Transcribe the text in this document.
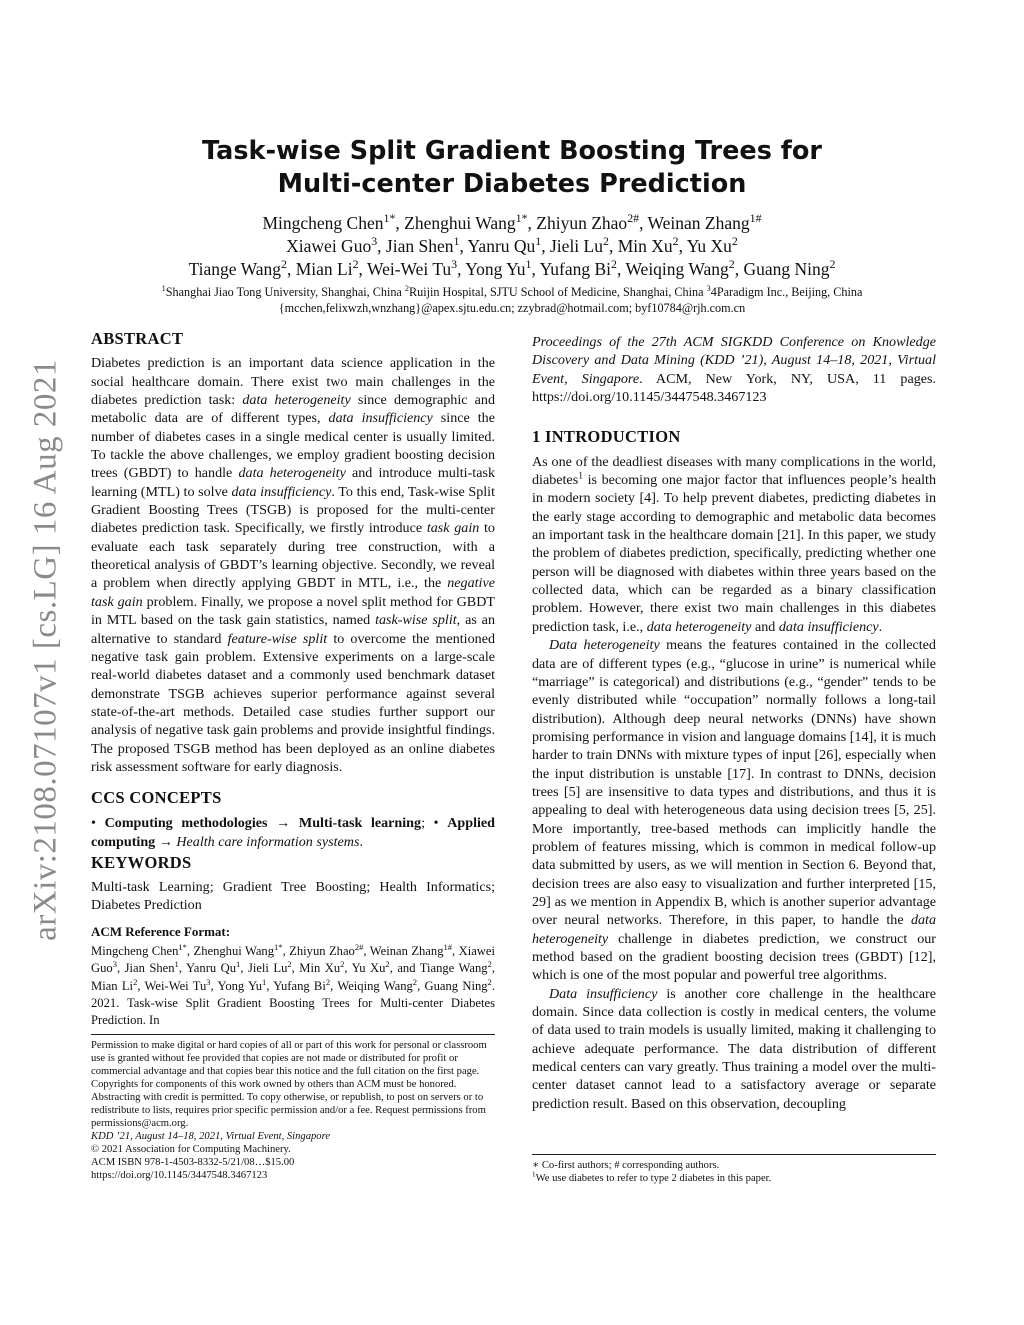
arXiv:2108.07107v1 [cs.LG] 16 Aug 2021
Task-wise Split Gradient Boosting Trees for
Multi-center Diabetes Prediction
Mingcheng Chen$^{1*}$, Zhenghui Wang$^{1*}$, Zhiyun Zhao$^{2\#}$, Weinan Zhang$^{1\#}$
Xiawei Guo$^3$, Jian Shen$^1$, Yanru Qu$^1$, Jieli Lu$^2$, Min Xu$^2$, Yu Xu$^2$
Tiange Wang$^2$, Mian Li$^2$, Wei-Wei Tu$^3$, Yong Yu$^1$, Yufang Bi$^2$, Weiqing Wang$^2$, Guang Ning$^2$
$^1$Shanghai Jiao Tong University, Shanghai, China $^2$Ruijin Hospital, SJTU School of Medicine, Shanghai, China $^3$4Paradigm Inc., Beijing, China
{mcchen,felixwzh,wnzhang}@apex.sjtu.edu.cn; zzybrad@hotmail.com; byf10784@rjh.com.cn
ABSTRACT

Diabetes prediction is an important data science application in the social healthcare domain. There exist two main challenges in the diabetes prediction task: data heterogeneity since demographic and metabolic data are of different types, data insufficiency since the number of diabetes cases in a single medical center is usually limited. To tackle the above challenges, we employ gradient boosting decision trees (GBDT) to handle data heterogeneity and introduce multi-task learning (MTL) to solve data insufficiency. To this end, Task-wise Split Gradient Boosting Trees (TSGB) is proposed for the multi-center diabetes prediction task. Specifically, we firstly introduce task gain to evaluate each task separately during tree construction, with a theoretical analysis of GBDT’s learning objective. Secondly, we reveal a problem when directly applying GBDT in MTL, i.e., the negative task gain problem. Finally, we propose a novel split method for GBDT in MTL based on the task gain statistics, named task-wise split, as an alternative to standard feature-wise split to overcome the mentioned negative task gain problem. Extensive experiments on a large-scale real-world diabetes dataset and a commonly used benchmark dataset demonstrate TSGB achieves superior performance against several state-of-the-art methods. Detailed case studies further support our analysis of negative task gain problems and provide insightful findings. The proposed TSGB method has been deployed as an online diabetes risk assessment software for early diagnosis.

CCS CONCEPTS

• Computing methodologies → Multi-task learning; • Applied computing → Health care information systems.

KEYWORDS

Multi-task Learning; Gradient Tree Boosting; Health Informatics; Diabetes Prediction

ACM Reference Format:

Mingcheng Chen$^{1*}$, Zhenghui Wang$^{1*}$, Zhiyun Zhao$^{2\#}$, Weinan Zhang$^{1\#}$, Xiawei Guo$^3$, Jian Shen$^1$, Yanru Qu$^1$, Jieli Lu$^2$, Min Xu$^2$, Yu Xu$^2$, and Tiange Wang$^2$, Mian Li$^2$, Wei-Wei Tu$^3$, Yong Yu$^1$, Yufang Bi$^2$, Weiqing Wang$^2$, Guang Ning$^2$. 2021. Task-wise Split Gradient Boosting Trees for Multi-center Diabetes Prediction. In

Permission to make digital or hard copies of all or part of this work for personal or classroom use is granted without fee provided that copies are not made or distributed for profit or commercial advantage and that copies bear this notice and the full citation on the first page. Copyrights for components of this work owned by others than ACM must be honored. Abstracting with credit is permitted. To copy otherwise, or republish, to post on servers or to redistribute to lists, requires prior specific permission and/or a fee. Request permissions from permissions@acm.org.
KDD ’21, August 14–18, 2021, Virtual Event, Singapore
© 2021 Association for Computing Machinery.
ACM ISBN 978-1-4503-8332-5/21/08…$15.00
https://doi.org/10.1145/3447548.3467123

Proceedings of the 27th ACM SIGKDD Conference on Knowledge Discovery and Data Mining (KDD ’21), August 14–18, 2021, Virtual Event, Singapore. ACM, New York, NY, USA, 11 pages. https://doi.org/10.1145/3447548.3467123

1 INTRODUCTION

As one of the deadliest diseases with many complications in the world, diabetes$^1$ is becoming one major factor that influences people’s health in modern society [4]. To help prevent diabetes, predicting diabetes in the early stage according to demographic and metabolic data becomes an important task in the healthcare domain [21]. In this paper, we study the problem of diabetes prediction, specifically, predicting whether one person will be diagnosed with diabetes within three years based on the collected data, which can be regarded as a binary classification problem. However, there exist two main challenges in this diabetes prediction task, i.e., data heterogeneity and data insufficiency.

Data heterogeneity means the features contained in the collected data are of different types (e.g., “glucose in urine” is numerical while “marriage” is categorical) and distributions (e.g., “gender” tends to be evenly distributed while “occupation” normally follows a long-tail distribution). Although deep neural networks (DNNs) have shown promising performance in vision and language domains [14], it is much harder to train DNNs with mixture types of input [26], especially when the input distribution is unstable [17]. In contrast to DNNs, decision trees [5] are insensitive to data types and distributions, and thus it is appealing to deal with heterogeneous data using decision trees [5, 25]. More importantly, tree-based methods can implicitly handle the problem of features missing, which is common in medical follow-up data submitted by users, as we will mention in Section 6. Beyond that, decision trees are also easy to visualization and further interpreted [15, 29] as we mention in Appendix B, which is another superior advantage over neural networks. Therefore, in this paper, to handle the data heterogeneity challenge in diabetes prediction, we construct our method based on the gradient boosting decision trees (GBDT) [12], which is one of the most popular and powerful tree algorithms.

Data insufficiency is another core challenge in the healthcare domain. Since data collection is costly in medical centers, the volume of data used to train models is usually limited, making it challenging to achieve adequate performance. The data distribution of different medical centers can vary greatly. Thus training a model over the multi-center dataset cannot lead to a satisfactory average or separate prediction result. Based on this observation, decoupling

∗ Co-first authors; # corresponding authors.
$^1$We use diabetes to refer to type 2 diabetes in this paper.
